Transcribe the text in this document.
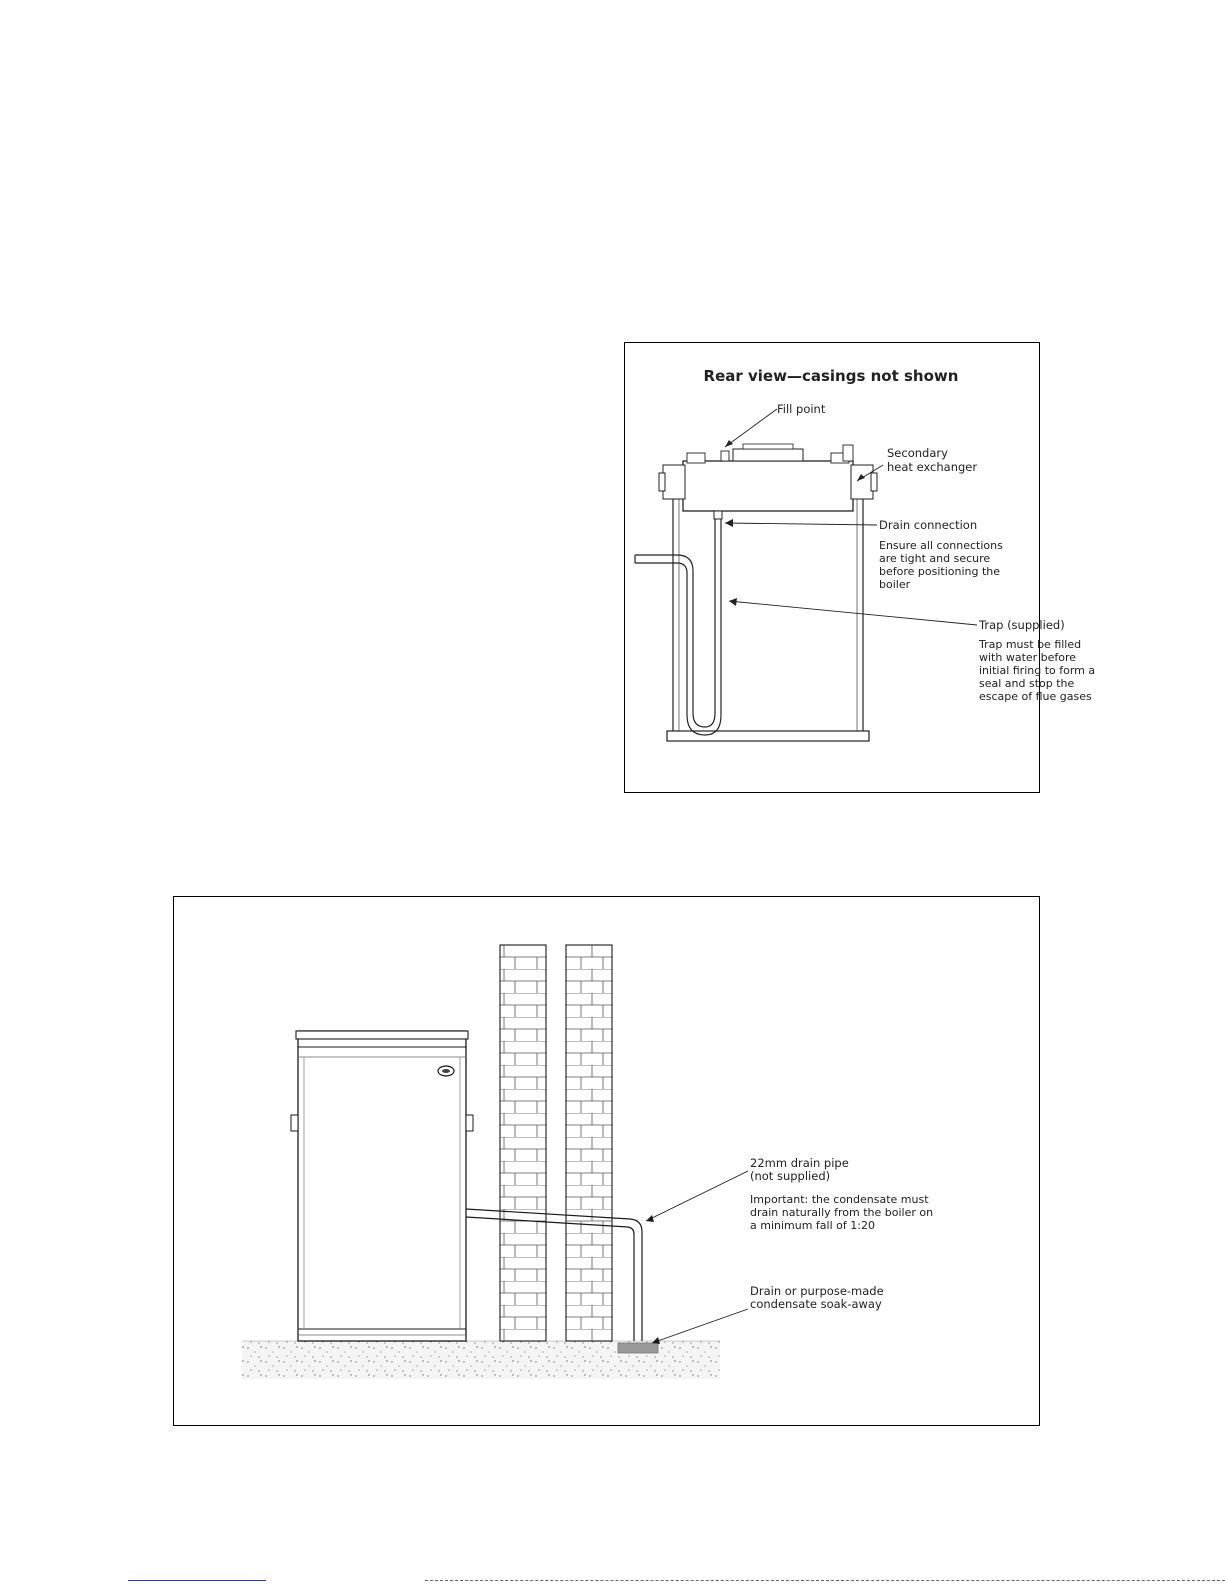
Rear view—casings not shown
Fill point
Secondary
heat exchanger
Drain connection
Ensure all connections
are tight and secure
before positioning the
boiler
Trap (supplied)
Trap must be filled
with water before
initial firing to form a
seal and stop the
escape of flue gases
22mm drain pipe
(not supplied)
Important: the condensate must
drain naturally from the boiler on
a minimum fall of 1:20
Drain or purpose-made
condensate soak-away
